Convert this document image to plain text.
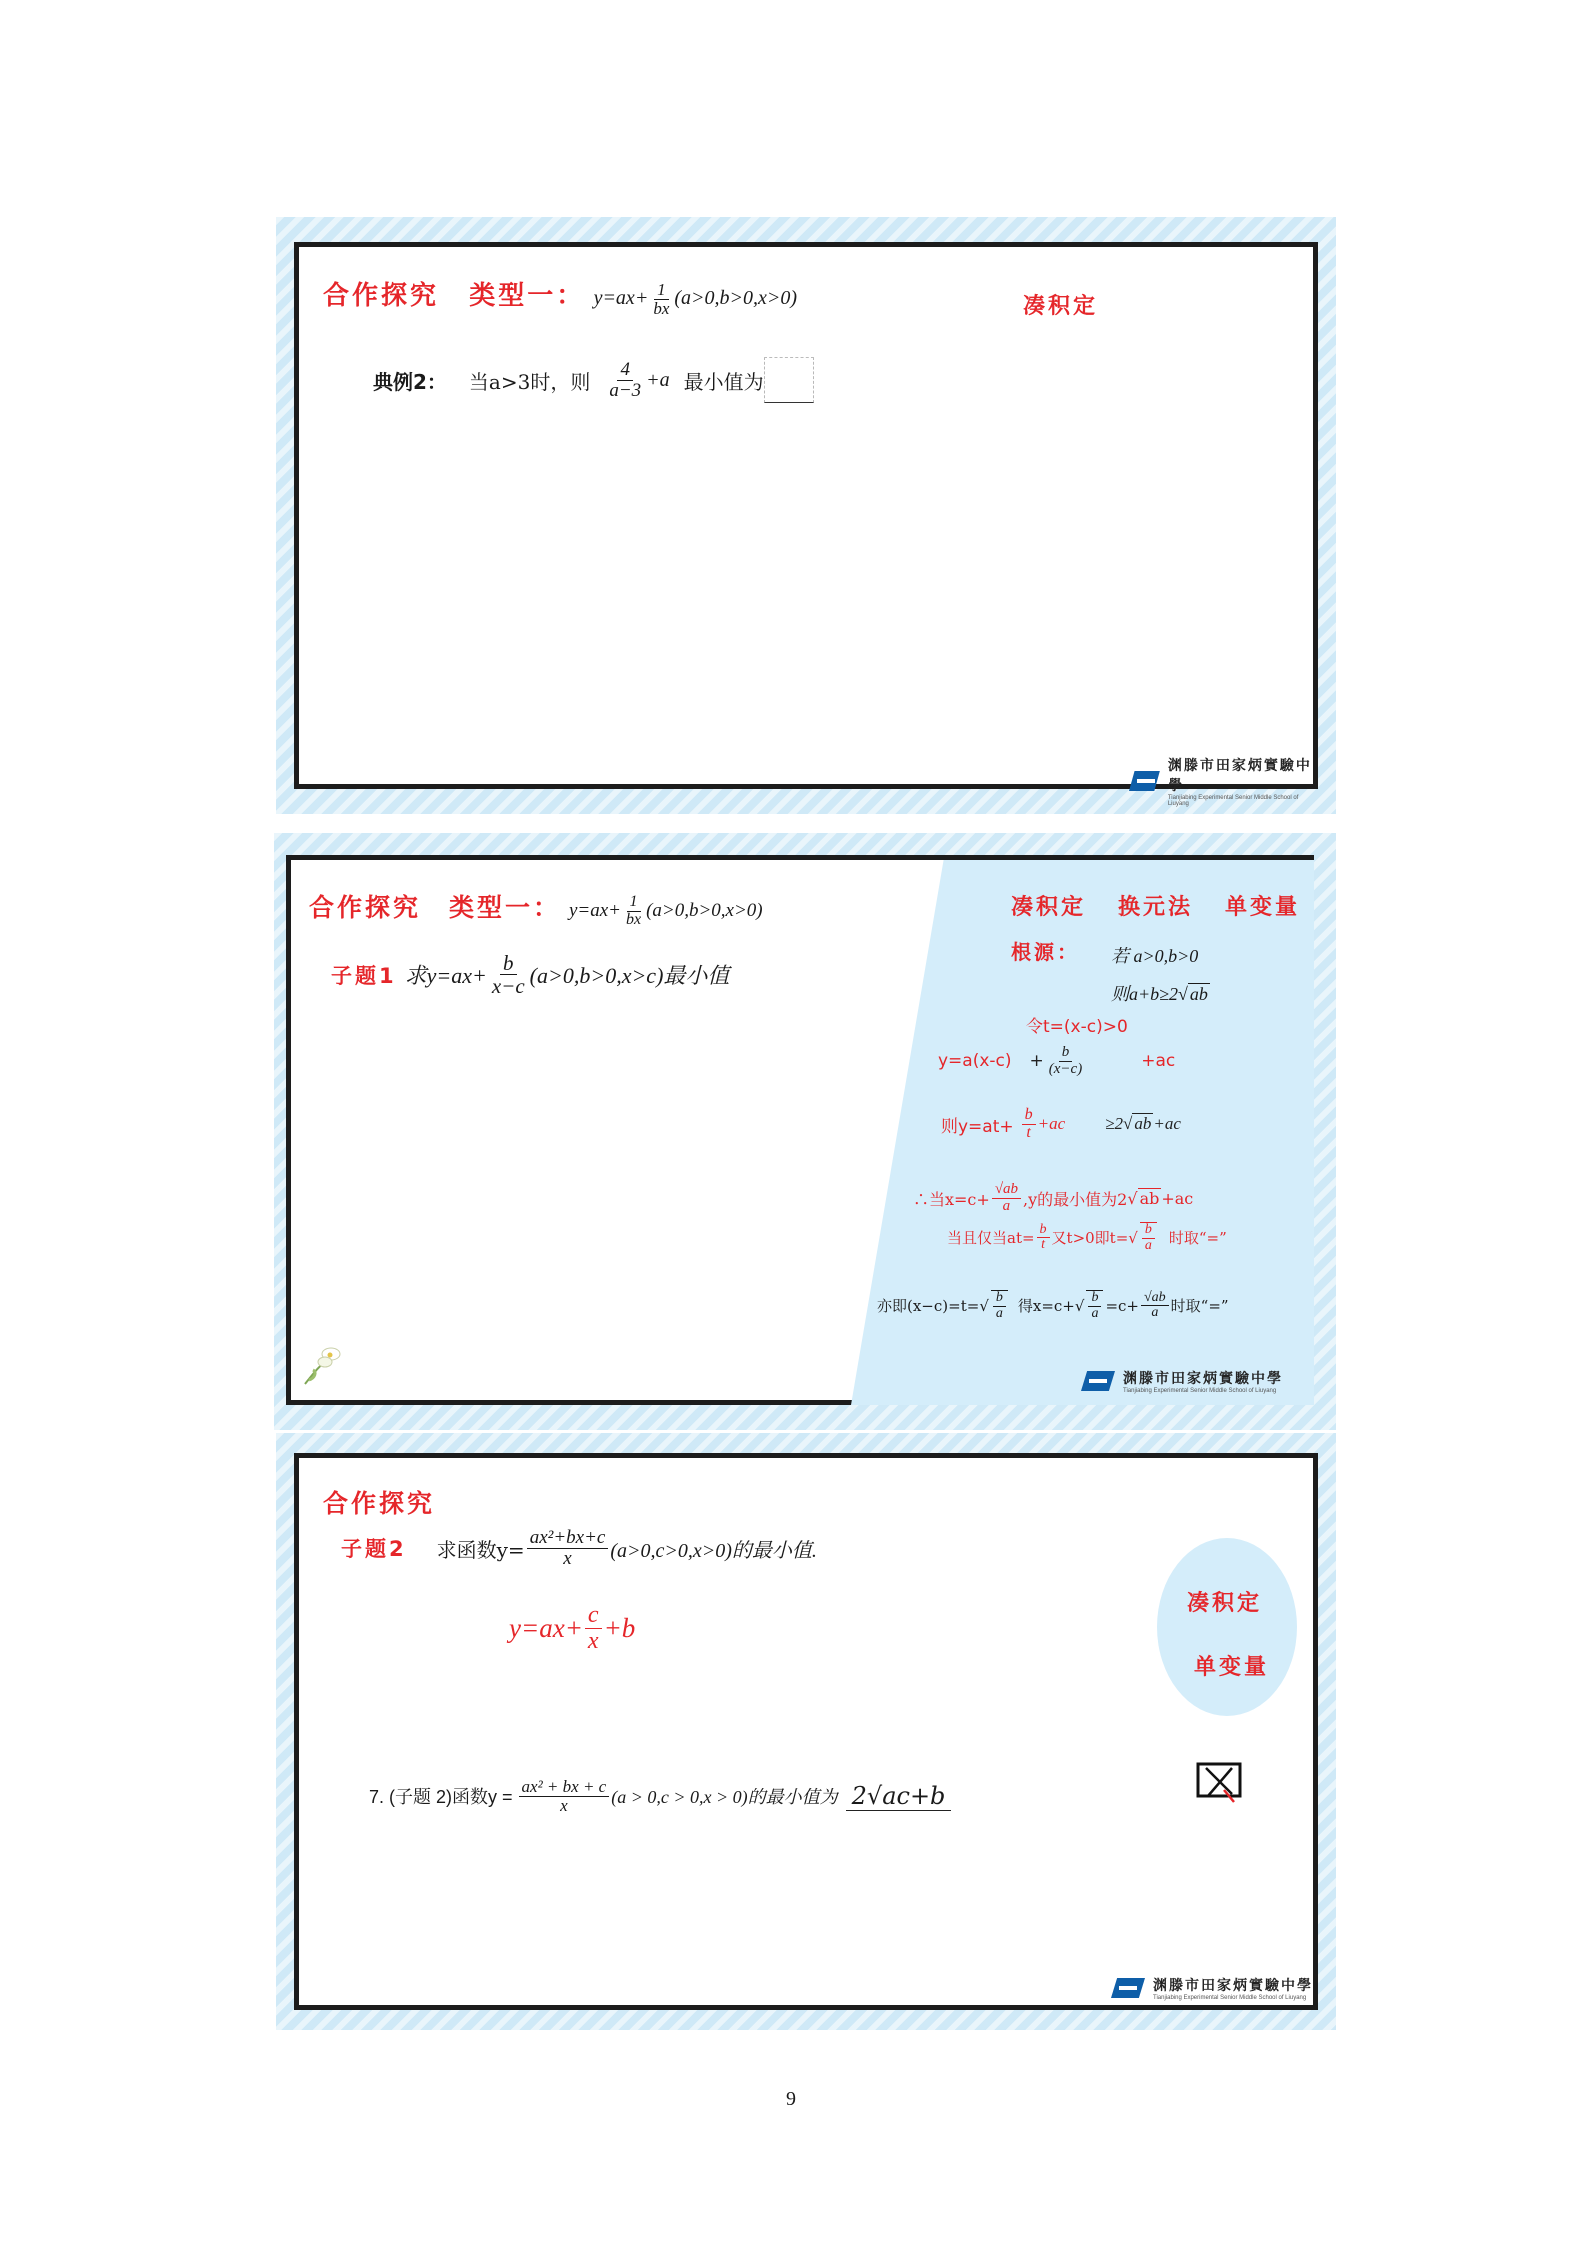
合作探究 类型一： $y=ax+ \frac{1}{bx} (a>0,b>0,x>0)$	凑积定
典例2： 当a>3时，则 $\frac{4}{a-3} +a$ 最小值为
渊滕市田家炳實驗中學
Tianjiabing Experimental Senior Middle School of Liuyang
合作探究 类型一： $y=ax+ \frac{1}{bx} (a>0,b>0,x>0)$
子题1 求$y=ax+ \frac{b}{x-c} (a>0,b>0,x>c)$最小值
凑积定   换元法   单变量
根源： 若 a>0,b>0
则a+b≥2√ ab
令t=(x-c)>0
$y=a(x-c) + \frac{b}{(x-c)}$	+ac
则$y=at+ \frac{b}{t} +ac \ge 2√$ ab +ac
∴当$x=c+ \frac{√ab}{a} ,y$的最小值为2 √ ab +ac
当且仅当$at= \frac{b}{t}$ 又t>0即t= √ $\frac{b}{a}$ 时取“=”
亦即(x−c)=t= √ $\frac{b}{a}$ 得x=c+ √ $\frac{b}{a} =c+ \frac{√ab}{a}$ 时取“=”
渊滕市田家炳實驗中學
Tianjiabing Experimental Senior Middle School of Liuyang
合作探究
子题2 求函数$y= \frac{\text{ax²+bx+c}}{x} (a>0,c>0,x>0)$的最小值.
$y=ax+ \frac{c}{x} +b$
凑积定
单变量
7. (子题 2)函数$y = \frac{\text{ax² + bx + c}}{x} (a > 0,c > 0,x > 0)$的最小值为 2√ac+b
渊滕市田家炳實驗中學
Tianjiabing Experimental Senior Middle School of Liuyang
9
